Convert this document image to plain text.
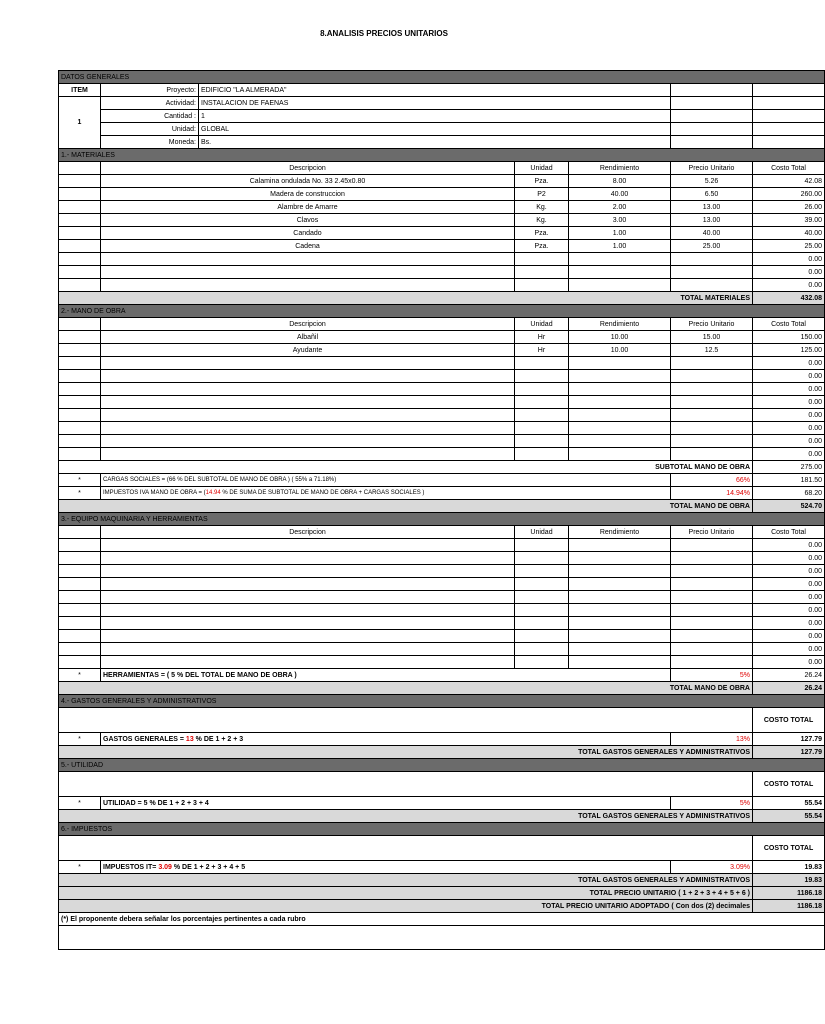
8.ANALISIS PRECIOS UNITARIOS
DATOS GENERALES						
ITEM	Proyecto:	EDIFICIO "LA ALMERADA"				
1	Actividad:	INSTALACION DE FAENAS				
	Cantidad :	1				
	Unidad:	GLOBAL				
	Moneda:	Bs.				
1.- MATERIALES						
	Descripcion		Unidad	Rendimiento	Precio Unitario	Costo Total
	Calamina ondulada No. 33 2.45x0.80		Pza.	8.00	5.26	42.08
	Madera de construccion		P2	40.00	6.50	260.00
	Alambre de Amarre		Kg.	2.00	13.00	26.00
	Clavos		Kg.	3.00	13.00	39.00
	Candado		Pza.	1.00	40.00	40.00
	Cadena		Pza.	1.00	25.00	25.00
						0.00
						0.00
						0.00
TOTAL MATERIALES						432.08
2.- MANO DE OBRA						
	Descripcion		Unidad	Rendimiento	Precio Unitario	Costo Total
	Albañil		Hr	10.00	15.00	150.00
	Ayudante		Hr	10.00	12.5	125.00
						0.00
						0.00
						0.00
						0.00
						0.00
						0.00
						0.00
						0.00
SUBTOTAL MANO DE OBRA						275.00
*	CARGAS SOCIALES = (66 % DEL SUBTOTAL DE MANO DE OBRA ) ( 55% a 71.18%)				66%	181.50
*	IMPUESTOS IVA MANO DE OBRA = (14.94 % DE SUMA DE SUBTOTAL DE MANO DE OBRA + CARGAS SOCIALES )				14.94%	68.20
TOTAL MANO DE OBRA						524.70
3.- EQUIPO MAQUINARIA Y HERRAMIENTAS						
	Descripcion		Unidad	Rendimiento	Precio Unitario	Costo Total
						0.00
						0.00
						0.00
						0.00
						0.00
						0.00
						0.00
						0.00
						0.00
						0.00
*	HERRAMIENTAS = ( 5 % DEL TOTAL DE MANO DE OBRA )				5%	26.24
TOTAL MANO DE OBRA						26.24
4.- GASTOS GENERALES Y ADMINISTRATIVOS						
						COSTO TOTAL
*	GASTOS GENERALES = 13 % DE 1 + 2 + 3				13%	127.79
TOTAL GASTOS GENERALES Y ADMINISTRATIVOS						127.79
5.- UTILIDAD						
						COSTO TOTAL
*	UTILIDAD = 5 % DE 1 + 2 + 3 + 4				5%	55.54
TOTAL GASTOS GENERALES Y ADMINISTRATIVOS						55.54
6.- IMPUESTOS						
						COSTO TOTAL
*	IMPUESTOS IT= 3.09 % DE 1 + 2 + 3 + 4 + 5				3.09%	19.83
TOTAL GASTOS GENERALES Y ADMINISTRATIVOS						19.83
TOTAL PRECIO UNITARIO ( 1 + 2 + 3 + 4 + 5 + 6 )						1186.18
TOTAL PRECIO UNITARIO ADOPTADO ( Con dos (2) decimales						1186.18
(*) El proponente debera señalar los porcentajes pertinentes a cada rubro						
